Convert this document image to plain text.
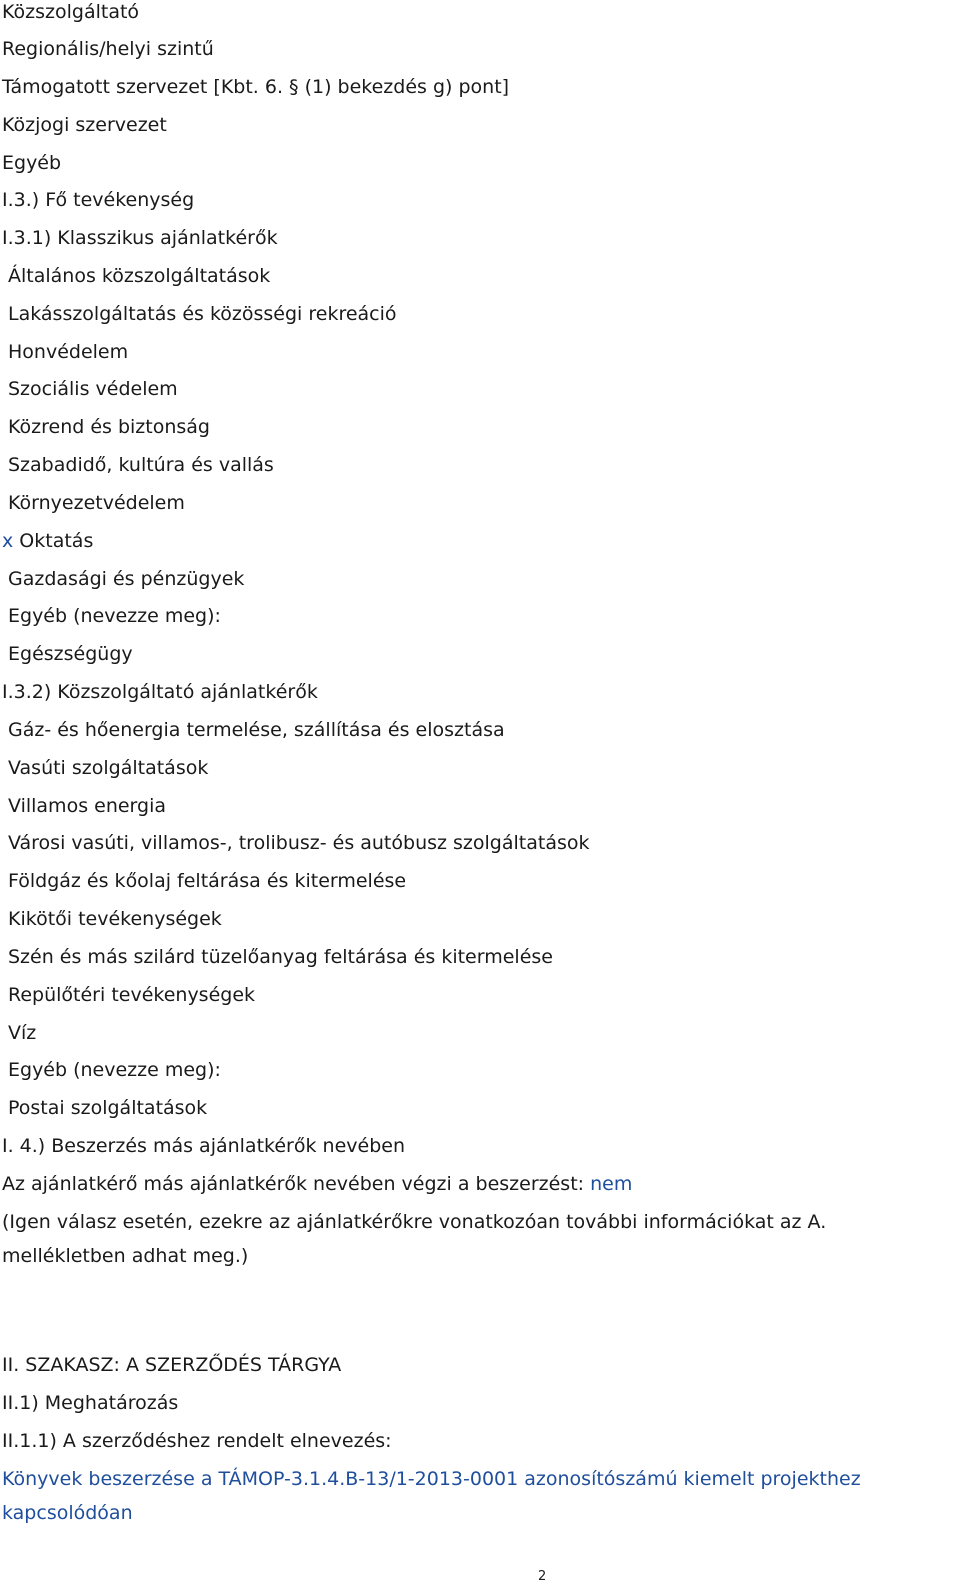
Közszolgáltató
Regionális/helyi szintű
Támogatott szervezet [Kbt. 6. § (1) bekezdés g) pont]
Közjogi szervezet
Egyéb
I.3.) Fő tevékenység
I.3.1) Klasszikus ajánlatkérők
Általános közszolgáltatások
Lakásszolgáltatás és közösségi rekreáció
Honvédelem
Szociális védelem
Közrend és biztonság
Szabadidő, kultúra és vallás
Környezetvédelem
x Oktatás
Gazdasági és pénzügyek
Egyéb (nevezze meg):
Egészségügy
I.3.2) Közszolgáltató ajánlatkérők
Gáz- és hőenergia termelése, szállítása és elosztása
Vasúti szolgáltatások
Villamos energia
Városi vasúti, villamos-, trolibusz- és autóbusz szolgáltatások
Földgáz és kőolaj feltárása és kitermelése
Kikötői tevékenységek
Szén és más szilárd tüzelőanyag feltárása és kitermelése
Repülőtéri tevékenységek
Víz
Egyéb (nevezze meg):
Postai szolgáltatások
I. 4.) Beszerzés más ajánlatkérők nevében
Az ajánlatkérő más ajánlatkérők nevében végzi a beszerzést: nem
(Igen válasz esetén, ezekre az ajánlatkérőkre vonatkozóan további információkat az A.
mellékletben adhat meg.)
II. SZAKASZ: A SZERZŐDÉS TÁRGYA
II.1) Meghatározás
II.1.1) A szerződéshez rendelt elnevezés:
Könyvek beszerzése a TÁMOP-3.1.4.B-13/1-2013-0001 azonosítószámú kiemelt projekthez
kapcsolódóan
2
